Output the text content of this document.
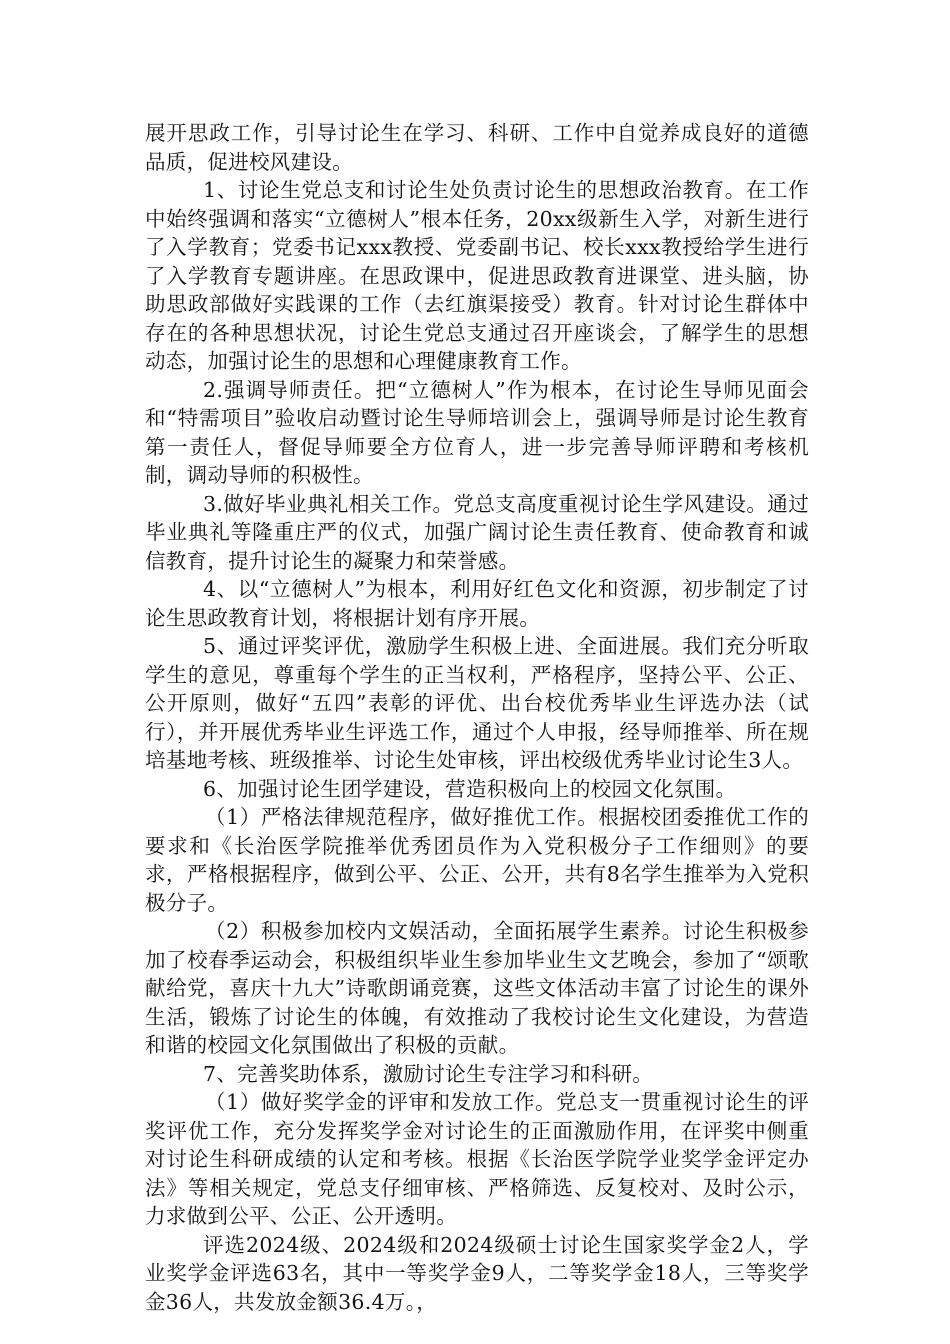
展开思政工作，引导讨论生在学习、科研、工作中自觉养成良好的道德品质，促进校风建设。

1、讨论生党总支和讨论生处负责讨论生的思想政治教育。在工作中始终强调和落实“立德树人”根本任务，20xx级新生入学，对新生进行了入学教育；党委书记xxx教授、党委副书记、校长xxx教授给学生进行了入学教育专题讲座。在思政课中，促进思政教育进课堂、进头脑，协助思政部做好实践课的工作（去红旗渠接受）教育。针对讨论生群体中存在的各种思想状况，讨论生党总支通过召开座谈会，了解学生的思想动态，加强讨论生的思想和心理健康教育工作。

2.强调导师责任。把“立德树人”作为根本，在讨论生导师见面会和“特需项目”验收启动暨讨论生导师培训会上，强调导师是讨论生教育第一责任人，督促导师要全方位育人，进一步完善导师评聘和考核机制，调动导师的积极性。

3.做好毕业典礼相关工作。党总支高度重视讨论生学风建设。通过毕业典礼等隆重庄严的仪式，加强广阔讨论生责任教育、使命教育和诚信教育，提升讨论生的凝聚力和荣誉感。

4、以“立德树人”为根本，利用好红色文化和资源，初步制定了讨论生思政教育计划，将根据计划有序开展。

5、通过评奖评优，激励学生积极上进、全面进展。我们充分听取学生的意见，尊重每个学生的正当权利，严格程序，坚持公平、公正、公开原则，做好“五四”表彰的评优、出台校优秀毕业生评选办法（试行），并开展优秀毕业生评选工作，通过个人申报，经导师推举、所在规培基地考核、班级推举、讨论生处审核，评出校级优秀毕业讨论生3人。

6、加强讨论生团学建设，营造积极向上的校园文化氛围。

（1）严格法律规范程序，做好推优工作。根据校团委推优工作的要求和《长治医学院推举优秀团员作为入党积极分子工作细则》的要求，严格根据程序，做到公平、公正、公开，共有8名学生推举为入党积极分子。

（2）积极参加校内文娱活动，全面拓展学生素养。讨论生积极参加了校春季运动会，积极组织毕业生参加毕业生文艺晚会，参加了“颂歌献给党，喜庆十九大”诗歌朗诵竞赛，这些文体活动丰富了讨论生的课外生活，锻炼了讨论生的体魄，有效推动了我校讨论生文化建设，为营造和谐的校园文化氛围做出了积极的贡献。

7、完善奖助体系，激励讨论生专注学习和科研。

（1）做好奖学金的评审和发放工作。党总支一贯重视讨论生的评奖评优工作，充分发挥奖学金对讨论生的正面激励作用，在评奖中侧重对讨论生科研成绩的认定和考核。根据《长治医学院学业奖学金评定办法》等相关规定，党总支仔细审核、严格筛选、反复校对、及时公示，力求做到公平、公正、公开透明。

评选2024级、2024级和2024级硕士讨论生国家奖学金2人，学业奖学金评选63名，其中一等奖学金9人，二等奖学金18人，三等奖学金36人，共发放金额36.4万。，
